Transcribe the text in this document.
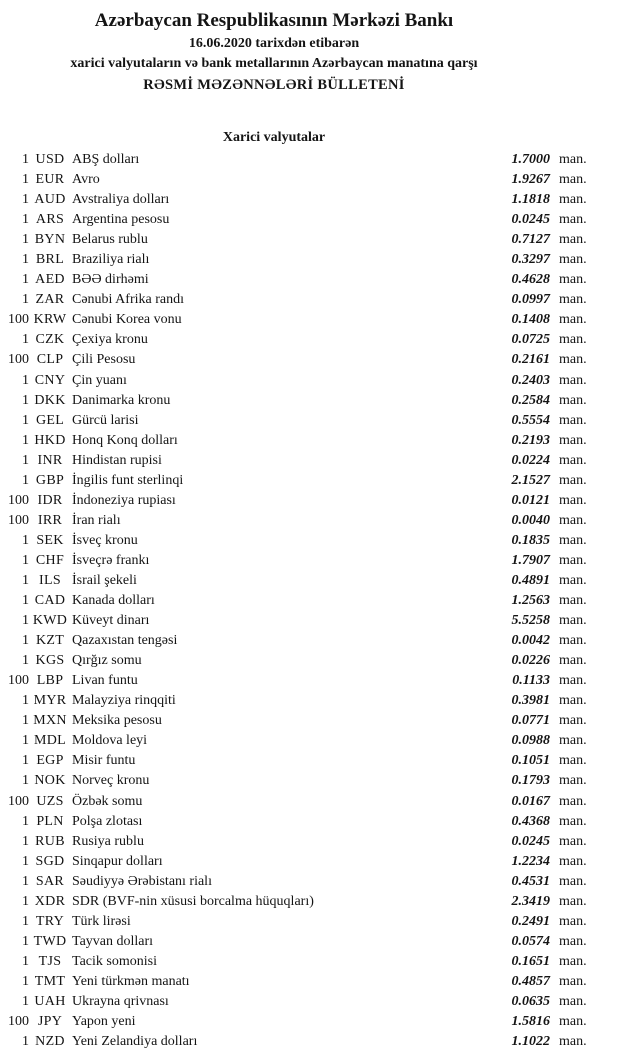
Azərbaycan Respublikasının Mərkəzi Bankı
16.06.2020 tarixdən etibarən
xarici valyutaların və bank metallarının Azərbaycan manatına qarşı
RƏSMİ MƏZƏNNƏLƏRİ BÜLLETENİ
Xarici valyutalar
1 USD ABŞ dolları	1.7000 man.
1 EUR Avro	1.9267 man.
1 AUD Avstraliya dolları	1.1818 man.
1 ARS Argentina pesosu	0.0245 man.
1 BYN Belarus rublu	0.7127 man.
1 BRL Braziliya rialı	0.3297 man.
1 AED BƏƏ dirhəmi	0.4628 man.
1 ZAR Cənubi Afrika randı	0.0997 man.
100 KRW Cənubi Korea vonu	0.1408 man.
1 CZK Çexiya kronu	0.0725 man.
100 CLP Çili Pesosu	0.2161 man.
1 CNY Çin yuanı	0.2403 man.
1 DKK Danimarka kronu	0.2584 man.
1 GEL Gürcü larisi	0.5554 man.
1 HKD Honq Konq dolları	0.2193 man.
1 INR Hindistan rupisi	0.0224 man.
1 GBP İngilis funt sterlinqi	2.1527 man.
100 IDR İndoneziya rupiası	0.0121 man.
100 IRR İran rialı	0.0040 man.
1 SEK İsveç kronu	0.1835 man.
1 CHF İsveçrə frankı	1.7907 man.
1 ILS İsrail şekeli	0.4891 man.
1 CAD Kanada dolları	1.2563 man.
1 KWD Küveyt dinarı	5.5258 man.
1 KZT Qazaxıstan tengəsi	0.0042 man.
1 KGS Qırğız somu	0.0226 man.
100 LBP Livan funtu	0.1133 man.
1 MYR Malayziya rinqqiti	0.3981 man.
1 MXN Meksika pesosu	0.0771 man.
1 MDL Moldova leyi	0.0988 man.
1 EGP Misir funtu	0.1051 man.
1 NOK Norveç kronu	0.1793 man.
100 UZS Özbək somu	0.0167 man.
1 PLN Polşa zlotası	0.4368 man.
1 RUB Rusiya rublu	0.0245 man.
1 SGD Sinqapur dolları	1.2234 man.
1 SAR Səudiyyə Ərəbistanı rialı	0.4531 man.
1 XDR SDR (BVF-nin xüsusi borcalma hüquqları)	2.3419 man.
1 TRY Türk lirəsi	0.2491 man.
1 TWD Tayvan dolları	0.0574 man.
1 TJS Tacik somonisi	0.1651 man.
1 TMT Yeni türkmən manatı	0.4857 man.
1 UAH Ukrayna qrivnası	0.0635 man.
100 JPY Yapon yeni	1.5816 man.
1 NZD Yeni Zelandiya dolları	1.1022 man.
